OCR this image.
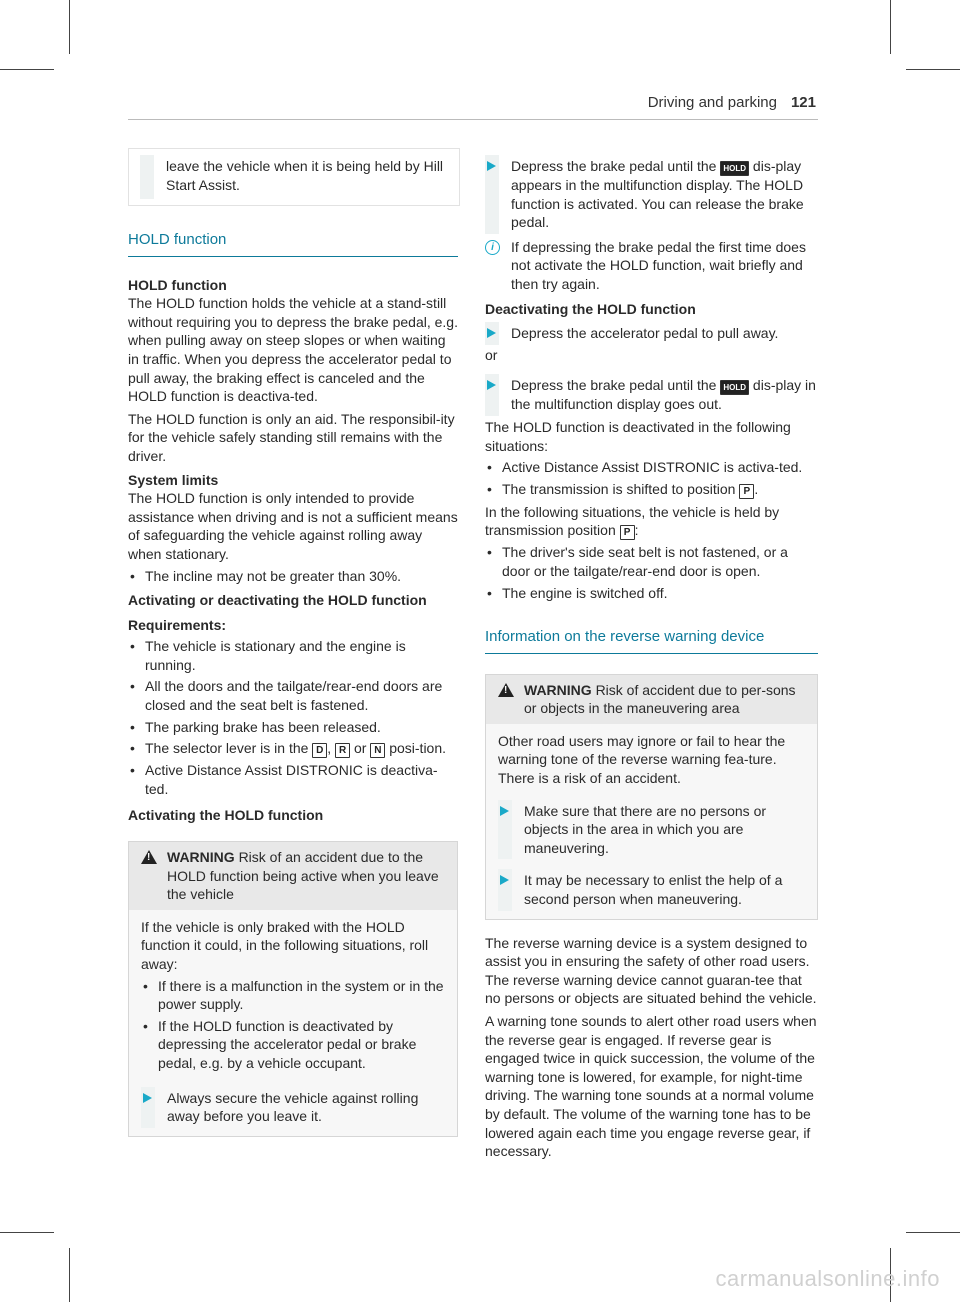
Driving and parking 121

leave the vehicle when it is being held by Hill Start Assist.

HOLD function

HOLD function

The HOLD function holds the vehicle at a stand-still without requiring you to depress the brake pedal, e.g. when pulling away on steep slopes or when waiting in traffic. When you depress the accelerator pedal to pull away, the braking effect is canceled and the HOLD function is deactiva-ted.

The HOLD function is only an aid. The responsibil-ity for the vehicle safely standing still remains with the driver.

System limits

The HOLD function is only intended to provide assistance when driving and is not a sufficient means of safeguarding the vehicle against rolling away when stationary.

• The incline may not be greater than 30%.

Activating or deactivating the HOLD function

Requirements:

• The vehicle is stationary and the engine is running.
• All the doors and the tailgate/rear-end doors are closed and the seat belt is fastened.
• The parking brake has been released.
• The selector lever is in the D , R or N posi-tion.
• Active Distance Assist DISTRONIC is deactiva-ted.

Activating the HOLD function

!
WARNING Risk of an accident due to the HOLD function being active when you leave the vehicle

If the vehicle is only braked with the HOLD function it could, in the following situations, roll away:

• If there is a malfunction in the system or in the power supply.
• If the HOLD function is deactivated by depressing the accelerator pedal or brake pedal, e.g. by a vehicle occupant.
Always secure the vehicle against rolling away before you leave it.
Depress the brake pedal until the HOLD dis-play appears in the multifunction display. The HOLD function is activated. You can release the brake pedal.
i	If depressing the brake pedal the first time does not activate the HOLD function, wait briefly and then try again.

Deactivating the HOLD function

Depress the accelerator pedal to pull away.

or

Depress the brake pedal until the HOLD dis-play in the multifunction display goes out.

The HOLD function is deactivated in the following situations:

• Active Distance Assist DISTRONIC is activa-ted.
• The transmission is shifted to position P .

In the following situations, the vehicle is held by transmission position P :

• The driver's side seat belt is not fastened, or a door or the tailgate/rear-end door is open.
• The engine is switched off.
Information on the reverse warning device
!
WARNING Risk of accident due to per-sons or objects in the maneuvering area

Other road users may ignore or fail to hear the warning tone of the reverse warning fea-ture. There is a risk of an accident.

Make sure that there are no persons or objects in the area in which you are maneuvering.
It may be necessary to enlist the help of a second person when maneuvering.

The reverse warning device is a system designed to assist you in ensuring the safety of other road users. The reverse warning device cannot guaran-tee that no persons or objects are situated behind the vehicle.

A warning tone sounds to alert other road users when the reverse gear is engaged. If reverse gear is engaged twice in quick succession, the volume of the warning tone is lowered, for example, for night-time driving. The warning tone sounds at a normal volume by default. The volume of the warning tone has to be lowered again each time you engage reverse gear, if necessary.

carmanualsonline.info
